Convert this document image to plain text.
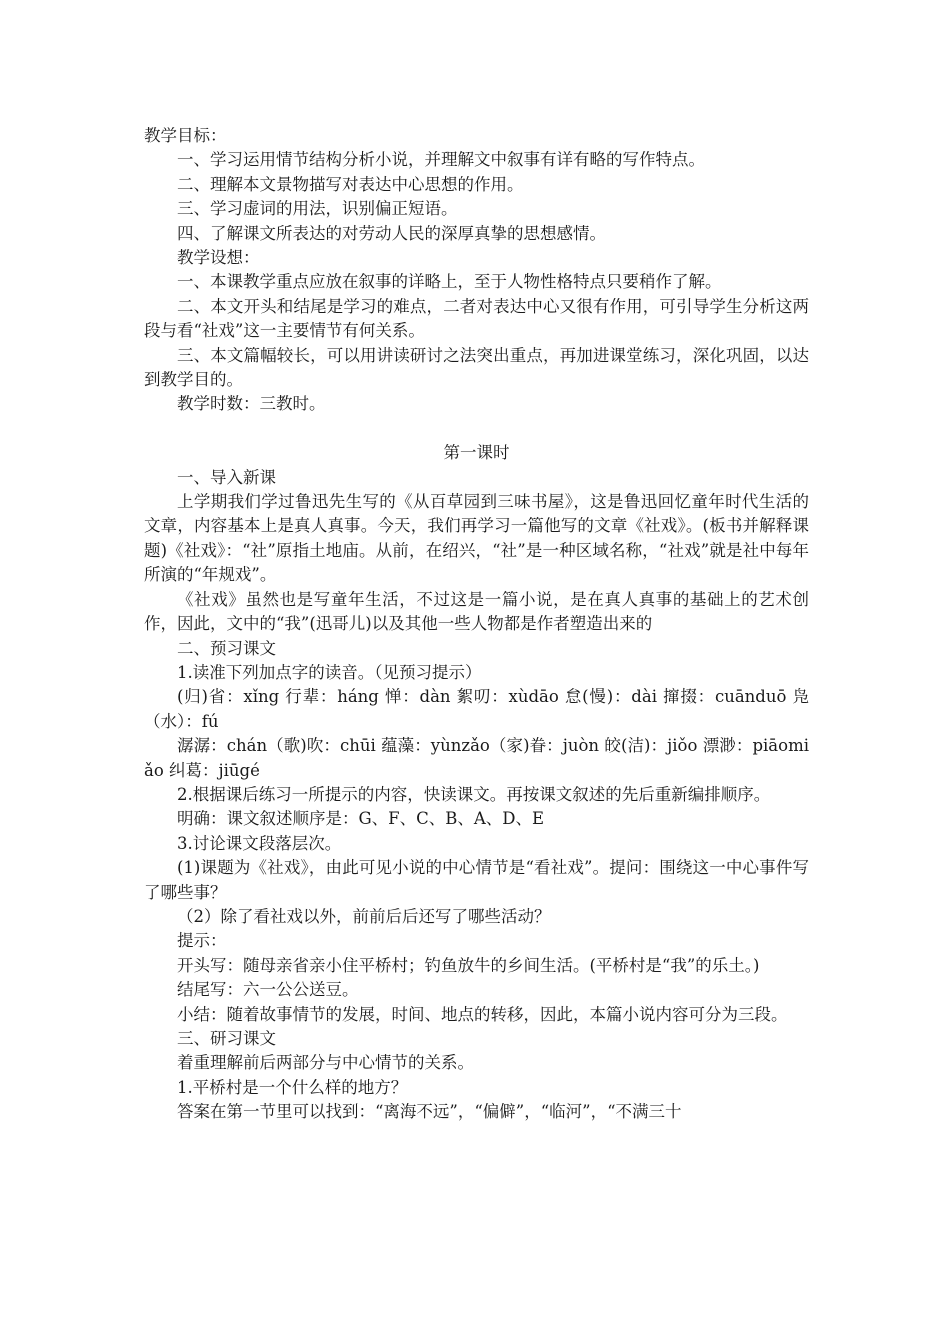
教学目标：

一、学习运用情节结构分析小说，并理解文中叙事有详有略的写作特点。

二、理解本文景物描写对表达中心思想的作用。

三、学习虚词的用法，识别偏正短语。

四、了解课文所表达的对劳动人民的深厚真挚的思想感情。

教学设想：

一、本课教学重点应放在叙事的详略上，至于人物性格特点只要稍作了解。

二、本文开头和结尾是学习的难点，二者对表达中心又很有作用，可引导学生分析这两段与看“社戏”这一主要情节有何关系。

三、本文篇幅较长，可以用讲读研讨之法突出重点，再加进课堂练习，深化巩固，以达到教学目的。

教学时数：三教时。

第一课时

一、导入新课

上学期我们学过鲁迅先生写的《从百草园到三味书屋》，这是鲁迅回忆童年时代生活的文章，内容基本上是真人真事。今天，我们再学习一篇他写的文章《社戏》。(板书并解释课题)《社戏》：“社”原指土地庙。从前，在绍兴，“社”是一种区域名称，“社戏”就是社中每年所演的“年规戏”。

《社戏》虽然也是写童年生活，不过这是一篇小说，是在真人真事的基础上的艺术创作，因此，文中的“我”(迅哥儿)以及其他一些人物都是作者塑造出来的

二、预习课文

1.读准下列加点字的读音。（见预习提示）

(归)省：xǐng 行辈：háng 惮：dàn 絮叨：xùdāo 怠(慢)：dài 撺掇：cuānduō 凫（水）：fú

潺潺：chán（歌)吹：chūi 蕴藻：yùnzǎo（家)眷：juòn 皎(洁)：jiǒo 漂渺：piāomiǎo 纠葛：jiūgé

2.根据课后练习一所提示的内容，快读课文。再按课文叙述的先后重新编排顺序。

明确：课文叙述顺序是：G、F、C、B、A、D、E

3.讨论课文段落层次。

(1)课题为《社戏》，由此可见小说的中心情节是“看社戏”。提问：围绕这一中心事件写了哪些事？

（2）除了看社戏以外，前前后后还写了哪些活动？

提示：

开头写：随母亲省亲小住平桥村；钓鱼放牛的乡间生活。(平桥村是“我”的乐土。)

结尾写：六一公公送豆。

小结：随着故事情节的发展，时间、地点的转移，因此，本篇小说内容可分为三段。

三、研习课文

着重理解前后两部分与中心情节的关系。

1.平桥村是一个什么样的地方？

答案在第一节里可以找到：“离海不远”，“偏僻”，“临河”，“不满三十
